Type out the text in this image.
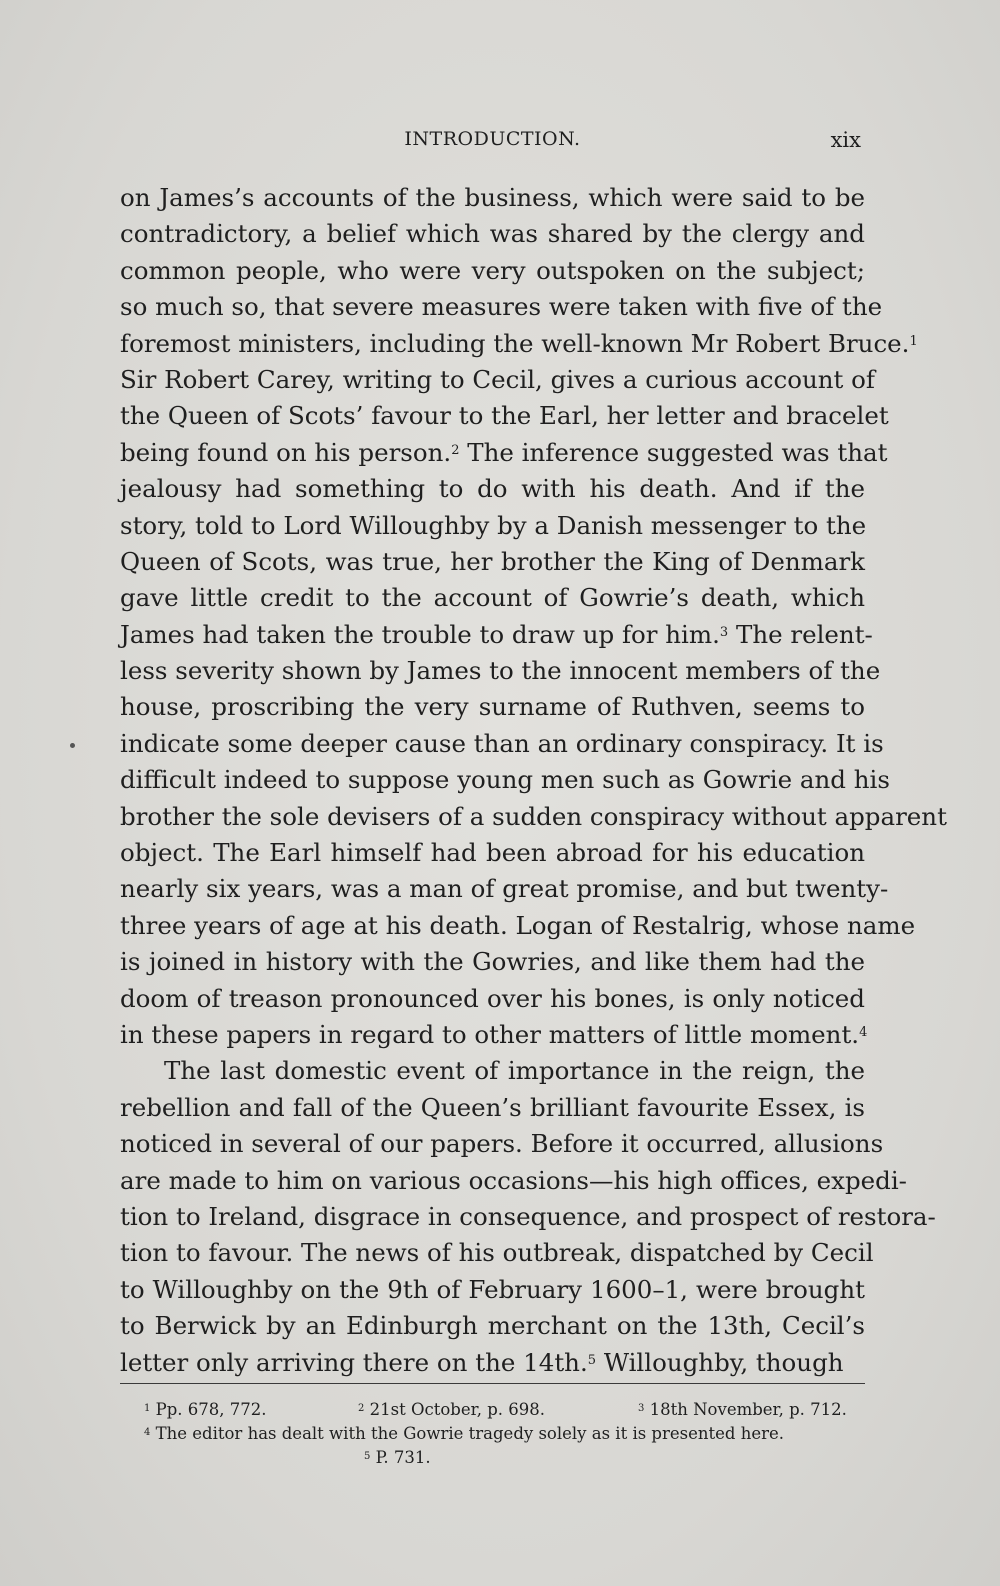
INTRODUCTION.	xix
on James’s accounts of the business, which were said to be
contradictory, a belief which was shared by the clergy and
common people, who were very outspoken on the subject;
so much so, that severe measures were taken with five of the
foremost ministers, including the well-known Mr Robert Bruce.$^1$
Sir Robert Carey, writing to Cecil, gives a curious account of
the Queen of Scots’ favour to the Earl, her letter and bracelet
being found on his person.$^2$ The inference suggested was that
jealousy had something to do with his death. And if the
story, told to Lord Willoughby by a Danish messenger to the
Queen of Scots, was true, her brother the King of Denmark
gave little credit to the account of Gowrie’s death, which
James had taken the trouble to draw up for him.$^3$ The relent-
less severity shown by James to the innocent members of the
house, proscribing the very surname of Ruthven, seems to
indicate some deeper cause than an ordinary conspiracy. It is
difficult indeed to suppose young men such as Gowrie and his
brother the sole devisers of a sudden conspiracy without apparent
object. The Earl himself had been abroad for his education
nearly six years, was a man of great promise, and but twenty-
three years of age at his death. Logan of Restalrig, whose name
is joined in history with the Gowries, and like them had the
doom of treason pronounced over his bones, is only noticed
in these papers in regard to other matters of little moment.$^4$
The last domestic event of importance in the reign, the
rebellion and fall of the Queen’s brilliant favourite Essex, is
noticed in several of our papers. Before it occurred, allusions
are made to him on various occasions—his high offices, expedi-
tion to Ireland, disgrace in consequence, and prospect of restora-
tion to favour. The news of his outbreak, dispatched by Cecil
to Willoughby on the 9th of February 1600–1, were brought
to Berwick by an Edinburgh merchant on the 13th, Cecil’s
letter only arriving there on the 14th.$^5$ Willoughby, though
$^1$ Pp. 678, 772.	$^2$ 21st October, p. 698.	$^3$ 18th November, p. 712.
$^4$ The editor has dealt with the Gowrie tragedy solely as it is presented here.
$^5$ P. 731.
